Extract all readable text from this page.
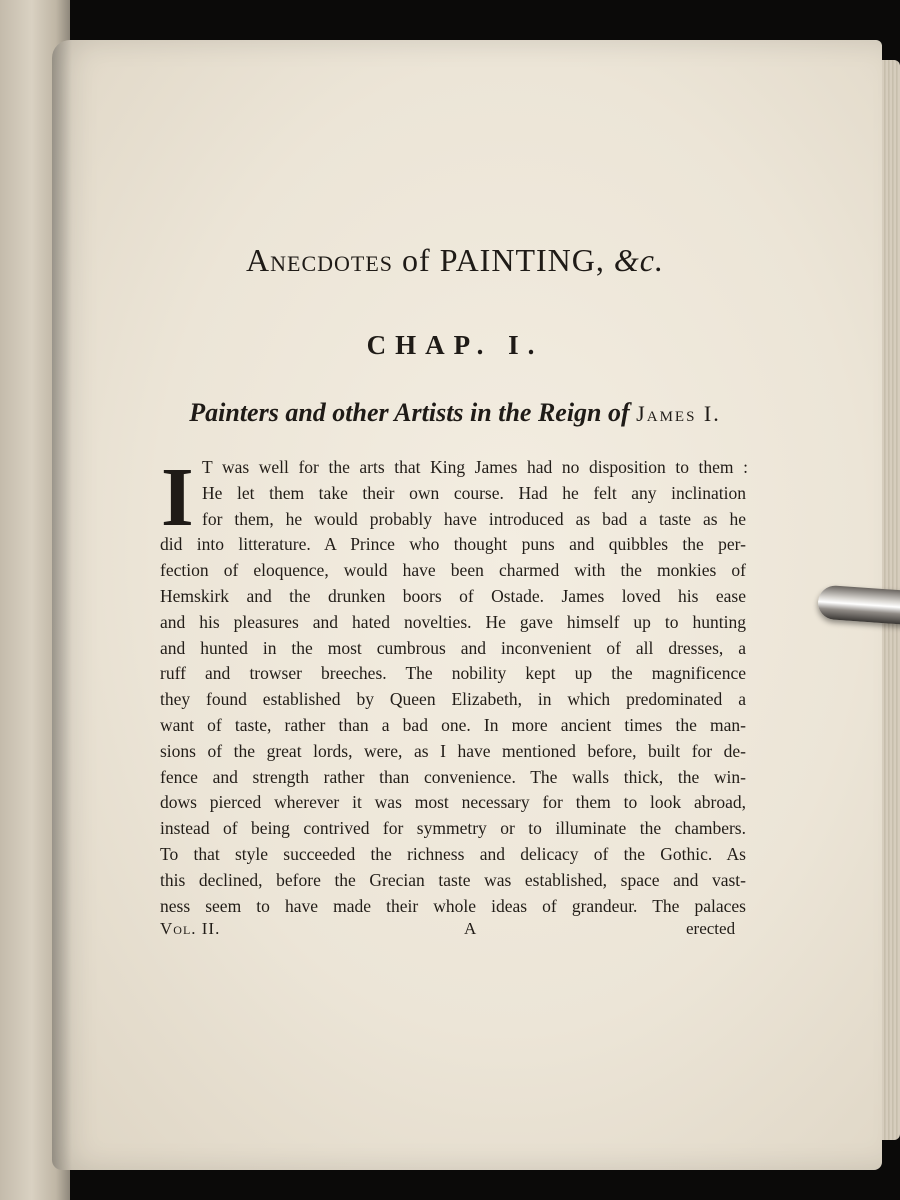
Anecdotes of PAINTING, &c.
CHAP. I.
Painters and other Artists in the Reign of James I.
I T was well for the arts that King James had no disposition to them :
He let them take their own course. Had he felt any inclination
for them, he would probably have introduced as bad a taste as he
did into litterature. A Prince who thought puns and quibbles the per-
fection of eloquence, would have been charmed with the monkies of
Hemskirk and the drunken boors of Ostade. James loved his ease
and his pleasures and hated novelties. He gave himself up to hunting
and hunted in the most cumbrous and inconvenient of all dresses, a
ruff and trowser breeches. The nobility kept up the magnificence
they found established by Queen Elizabeth, in which predominated a
want of taste, rather than a bad one. In more ancient times the man-
sions of the great lords, were, as I have mentioned before, built for de-
fence and strength rather than convenience. The walls thick, the win-
dows pierced wherever it was most necessary for them to look abroad,
instead of being contrived for symmetry or to illuminate the chambers.
To that style succeeded the richness and delicacy of the Gothic. As
this declined, before the Grecian taste was established, space and vast-
ness seem to have made their whole ideas of grandeur. The palaces
Vol. II.	A	erected
